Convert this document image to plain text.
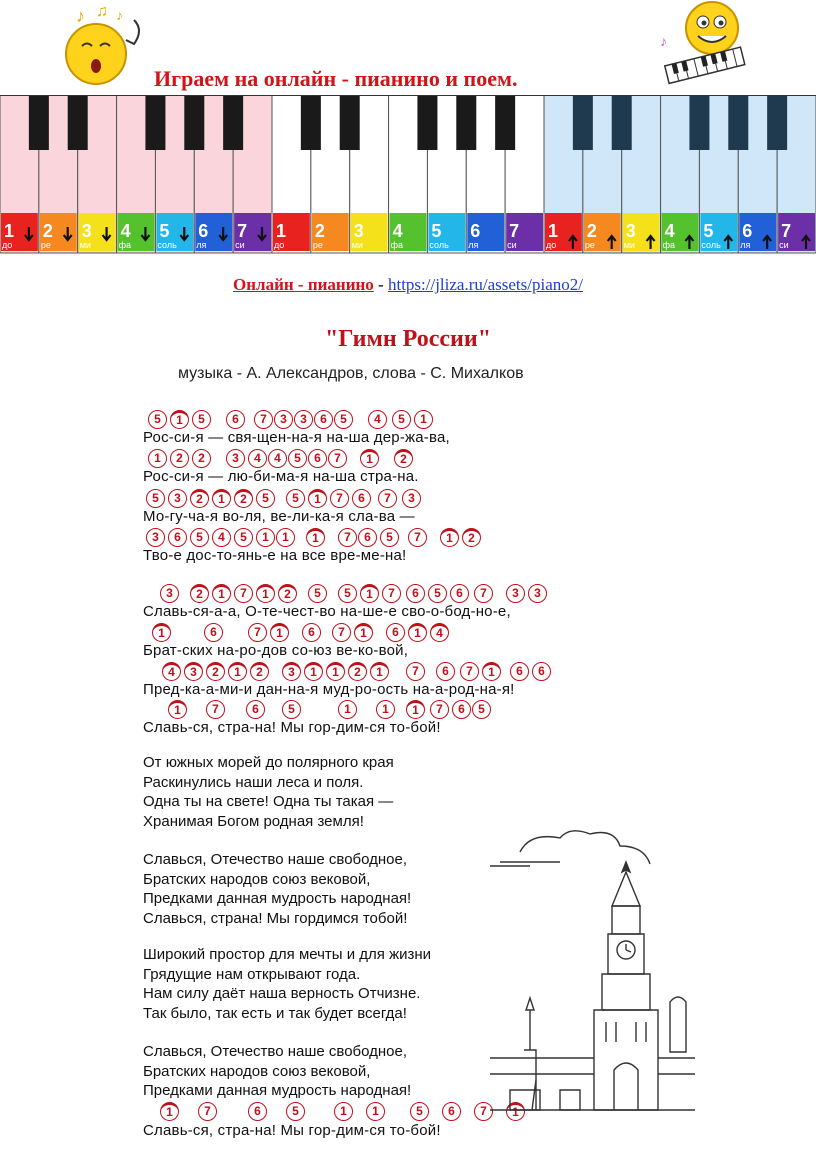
♪ ♫ ♪
♪
Играем на онлайн - пианино и поем.
1
до
2
ре
3
ми
4
фа
5
соль
6
ля
7
си
1
до
2
ре
3
ми
4
фа
5
соль
6
ля
7
си
1
до
2
ре
3
ми
4
фа
5
соль
6
ля
7
си
Онлайн - пианино - https://jliza.ru/assets/piano2/
"Гимн России"
музыка - А. Александров, слова - С. Михалков
5	1	5	6	7	3	3	6	5	4	5	1
Рос-си-я — свя-щен-на-я на-ша дер-жа-ва,
1	2	2	3	4	4	5	6	7	1	2
Рос-си-я — лю-би-ма-я на-ша стра-на.
5	3	2	1	2	5	5	1	7	6	7	3
Мо-гу-ча-я во-ля, ве-ли-ка-я сла-ва —
3	6	5	4	5	1	1	1	7	6	5	7	1	2
Тво-е дос-то-янь-е на все вре-ме-на!
3	2	1	7	1	2	5	5	1	7	6	5	6	7	3	3
Славь-ся-а-а, О-те-чест-во на-ше-е сво-о-бод-но-е,
1	6	7	1	6	7	1	6	1	4
Брат-ских на-ро-дов со-юз ве-ко-вой,
4	3	2	1	2	3	1	1	2	1	7	6	7	1	6	6
Пред-ка-а-ми-и дан-на-я муд-ро-ость на-а-род-на-я!
1	7	6	5	1	1	1	7	6	5
Славь-ся, стра-на! Мы гор-дим-ся то-бой!
1	7	6	5	1	1	5	6	7	1
Славь-ся, стра-на! Мы гор-дим-ся то-бой!
От южных морей до полярного края
Раскинулись наши леса и поля.
Одна ты на свете! Одна ты такая —
Хранимая Богом родная земля!
Славься, Отечество наше свободное,
Братских народов союз вековой,
Предками данная мудрость народная!
Славься, страна! Мы гордимся тобой!
Широкий простор для мечты и для жизни
Грядущие нам открывают года.
Нам силу даёт наша верность Отчизне.
Так было, так есть и так будет всегда!
Славься, Отечество наше свободное,
Братских народов союз вековой,
Предками данная мудрость народная!
